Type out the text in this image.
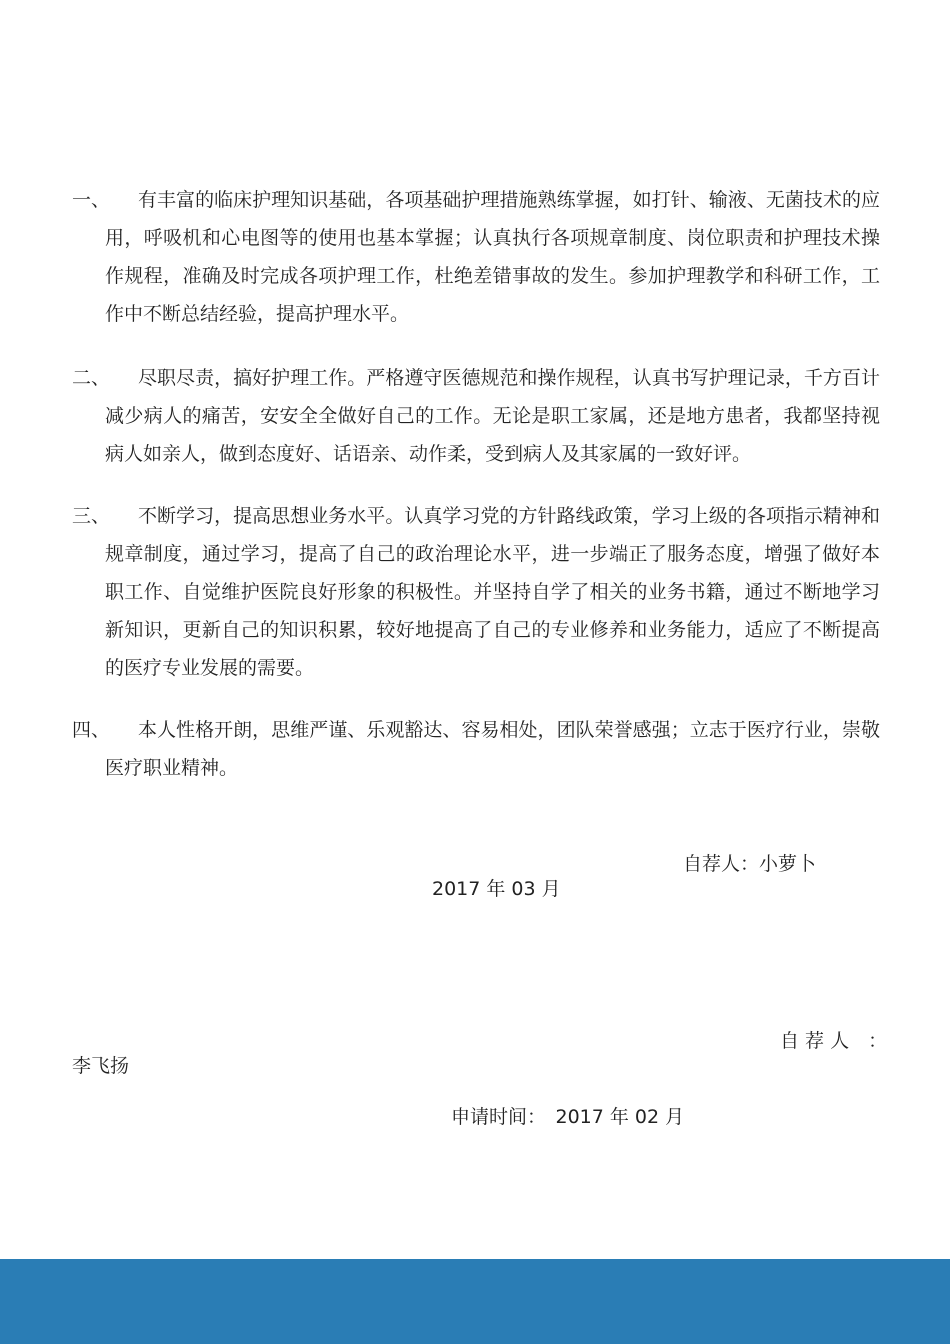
一、	有丰富的临床护理知识基础，各项基础护理措施熟练掌握，如打针、输液、无菌技术的应用，呼吸机和心电图等的使用也基本掌握；认真执行各项规章制度、岗位职责和护理技术操作规程，准确及时完成各项护理工作，杜绝差错事故的发生。参加护理教学和科研工作，工作中不断总结经验，提高护理水平。
二、	尽职尽责，搞好护理工作。严格遵守医德规范和操作规程，认真书写护理记录，千方百计减少病人的痛苦，安安全全做好自己的工作。无论是职工家属，还是地方患者，我都坚持视病人如亲人，做到态度好、话语亲、动作柔，受到病人及其家属的一致好评。
三、	不断学习，提高思想业务水平。认真学习党的方针路线政策，学习上级的各项指示精神和规章制度，通过学习，提高了自己的政治理论水平，进一步端正了服务态度，增强了做好本职工作、自觉维护医院良好形象的积极性。并坚持自学了相关的业务书籍，通过不断地学习新知识，更新自己的知识积累，较好地提高了自己的专业修养和业务能力，适应了不断提高的医疗专业发展的需要。
四、	本人性格开朗，思维严谨、乐观豁达、容易相处，团队荣誉感强；立志于医疗行业，崇敬医疗职业精神。
自荐人：小萝卜
2017 年 03 月
自 荐 人　：
李飞扬
申请时间：　2017 年 02 月
